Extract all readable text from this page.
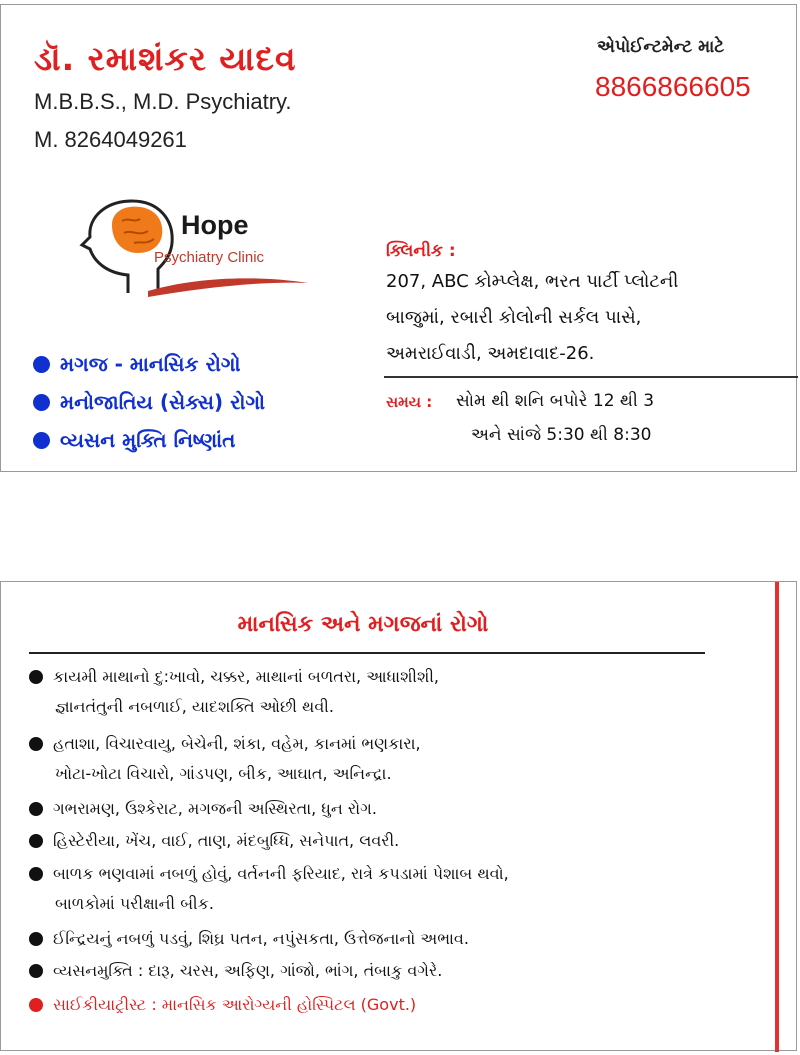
ડૉ. રમાશંકર યાદવ
M.B.B.S., M.D. Psychiatry.
M. 8264049261
એપોઈન્ટમેન્ટ માટે
8866866605
Hope
Psychiatry Clinic
મગજ - માનસિક રોગો
મનોજાતિય (સેક્સ) રોગો
વ્યસન મુક્તિ નિષ્ણાંત
ક્લિનીક :
207, ABC કોમ્પ્લેક્ષ, ભરત પાર્ટી પ્લોટની
બાજુમાં, રબારી કોલોની સર્કલ પાસે,
અમરાઈવાડી, અમદાવાદ-26.
સમય : સોમ થી શનિ બપોરે 12 થી 3
અને સાંજે 5:30 થી 8:30
માનસિક અને મગજનાં રોગો
કાયમી માથાનો દુ:ખાવો, ચક્કર, માથાનાં બળતરા, આધાશીશી,
જ્ઞાનતંતુની નબળાઈ, યાદશક્તિ ઓછી થવી.
હતાશા, વિચારવાયુ, બેચેની, શંકા, વહેમ, કાનમાં ભણકારા,
ખોટા-ખોટા વિચારો, ગાંડપણ, બીક, આઘાત, અનિન્દ્રા.
ગભરામણ, ઉશ્કેરાટ, મગજની અસ્થિરતા, ધુન રોગ.
હિસ્ટેરીયા, ખેંચ, વાઈ, તાણ, મંદબુધ્ધિ, સનેપાત, લવરી.
બાળક ભણવામાં નબળું હોવું, વર્તનની ફરિયાદ, રાત્રે કપડામાં પેશાબ થવો,
બાળકોમાં પરીક્ષાની બીક.
ઈન્દ્રિયનું નબળું પડવું, શિઘ્ર પતન, નપુંસકતા, ઉત્તેજનાનો અભાવ.
વ્યસનમુક્તિ : દારૂ, ચરસ, અફિણ, ગાંજો, ભાંગ, તંબાકુ વગેરે.
સાઈકીયાટ્રીસ્ટ : માનસિક આરોગ્યની હોસ્પિટલ (Govt.)
